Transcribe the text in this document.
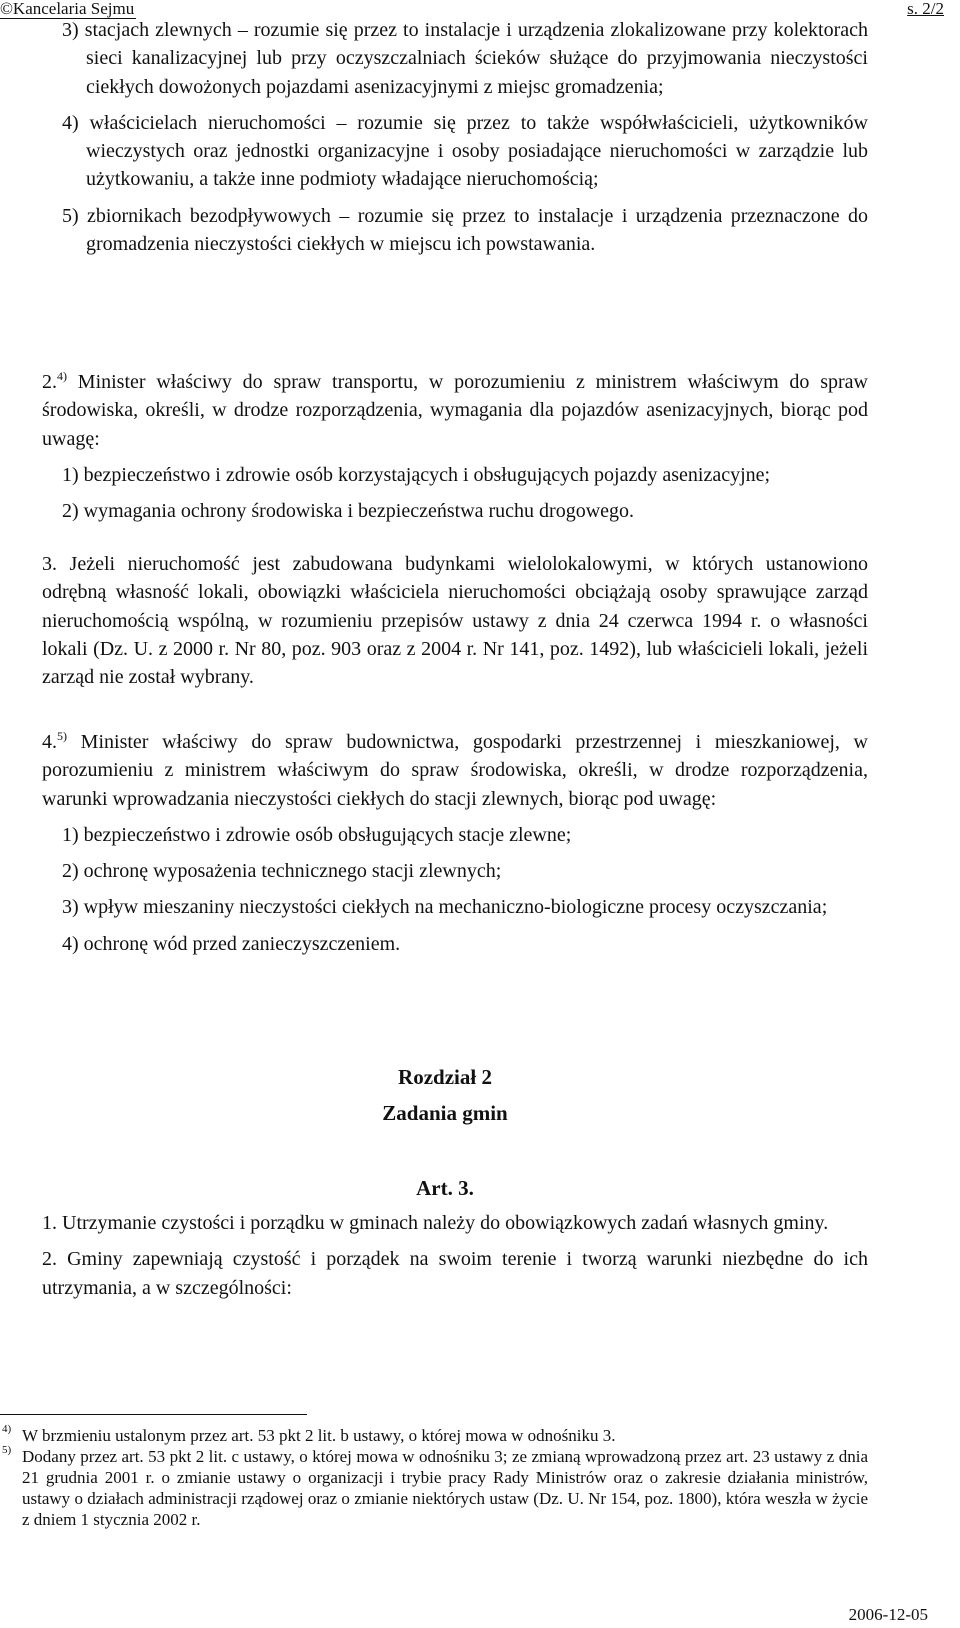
©Kancelaria Sejmu	s. 2/2
3) stacjach zlewnych – rozumie się przez to instalacje i urządzenia zlokalizowane przy kolektorach sieci kanalizacyjnej lub przy oczyszczalniach ścieków służące do przyjmowania nieczystości ciekłych dowożonych pojazdami asenizacyjnymi z miejsc gromadzenia;
4) właścicielach nieruchomości – rozumie się przez to także współwłaścicieli, użytkowników wieczystych oraz jednostki organizacyjne i osoby posiadające nieruchomości w zarządzie lub użytkowaniu, a także inne podmioty władające nieruchomością;
5) zbiornikach bezodpływowych – rozumie się przez to instalacje i urządzenia przeznaczone do gromadzenia nieczystości ciekłych w miejscu ich powstawania.
2.$^{4)}$ Minister właściwy do spraw transportu, w porozumieniu z ministrem właściwym do spraw środowiska, określi, w drodze rozporządzenia, wymagania dla pojazdów asenizacyjnych, biorąc pod uwagę:
1) bezpieczeństwo i zdrowie osób korzystających i obsługujących pojazdy asenizacyjne;
2) wymagania ochrony środowiska i bezpieczeństwa ruchu drogowego.
3. Jeżeli nieruchomość jest zabudowana budynkami wielolokalowymi, w których ustanowiono odrębną własność lokali, obowiązki właściciela nieruchomości obciążają osoby sprawujące zarząd nieruchomością wspólną, w rozumieniu przepisów ustawy z dnia 24 czerwca 1994 r. o własności lokali (Dz. U. z 2000 r. Nr 80, poz. 903 oraz z 2004 r. Nr 141, poz. 1492), lub właścicieli lokali, jeżeli zarząd nie został wybrany.
4.$^{5)}$ Minister właściwy do spraw budownictwa, gospodarki przestrzennej i mieszkaniowej, w porozumieniu z ministrem właściwym do spraw środowiska, określi, w drodze rozporządzenia, warunki wprowadzania nieczystości ciekłych do stacji zlewnych, biorąc pod uwagę:
1) bezpieczeństwo i zdrowie osób obsługujących stacje zlewne;
2) ochronę wyposażenia technicznego stacji zlewnych;
3) wpływ mieszaniny nieczystości ciekłych na mechaniczno-biologiczne procesy oczyszczania;
4) ochronę wód przed zanieczyszczeniem.
Rozdział 2
Zadania gmin
Art. 3.
1. Utrzymanie czystości i porządku w gminach należy do obowiązkowych zadań własnych gminy.
2. Gminy zapewniają czystość i porządek na swoim terenie i tworzą warunki niezbędne do ich utrzymania, a w szczególności:
4) W brzmieniu ustalonym przez art. 53 pkt 2 lit. b ustawy, o której mowa w odnośniku 3.
5) Dodany przez art. 53 pkt 2 lit. c ustawy, o której mowa w odnośniku 3; ze zmianą wprowadzoną przez art. 23 ustawy z dnia 21 grudnia 2001 r. o zmianie ustawy o organizacji i trybie pracy Rady Ministrów oraz o zakresie działania ministrów, ustawy o działach administracji rządowej oraz o zmianie niektórych ustaw (Dz. U. Nr 154, poz. 1800), która weszła w życie z dniem 1 stycznia 2002 r.
2006-12-05
